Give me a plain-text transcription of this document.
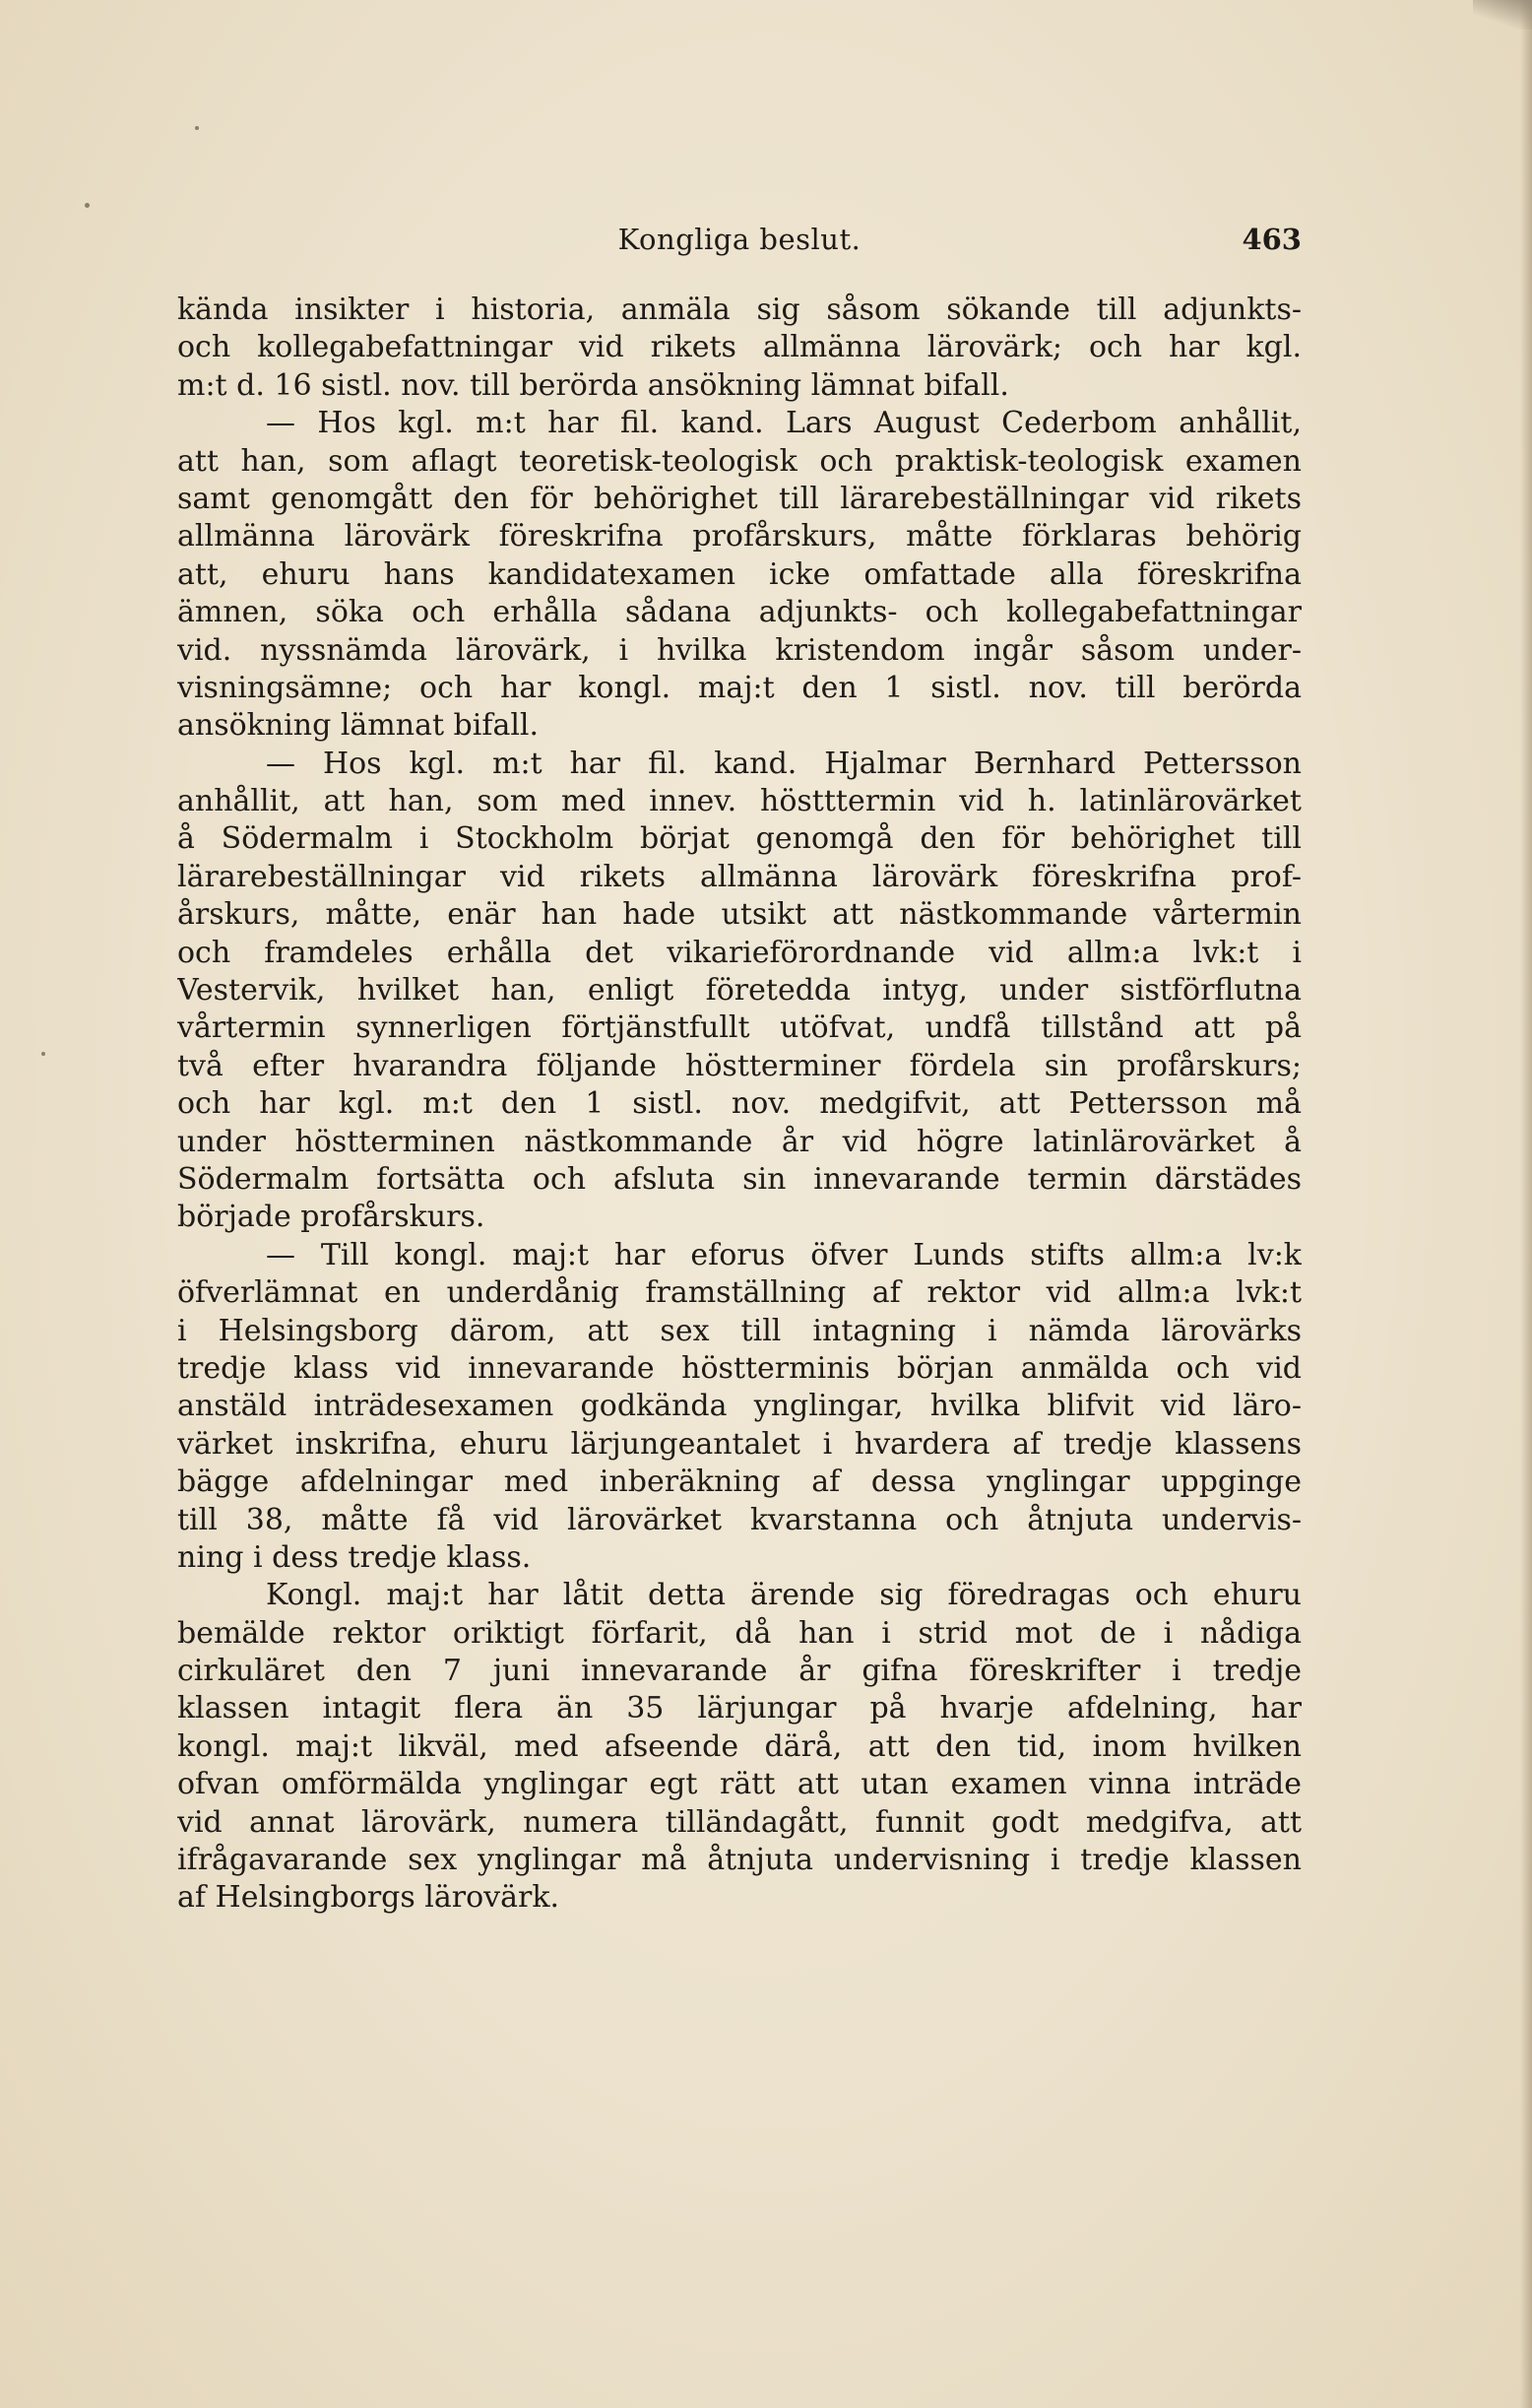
Kongliga beslut.	463
kända insikter i historia, anmäla sig såsom sökande till adjunkts-
och kollegabefattningar vid rikets allmänna lärovärk; och har kgl.
m:t d. 16 sistl. nov. till berörda ansökning lämnat bifall.
— Hos kgl. m:t har fil. kand. Lars August Cederbom anhållit,
att han, som aflagt teoretisk-teologisk och praktisk-teologisk examen
samt genomgått den för behörighet till lärarebeställningar vid rikets
allmänna lärovärk föreskrifna profårskurs, måtte förklaras behörig
att, ehuru hans kandidatexamen icke omfattade alla föreskrifna
ämnen, söka och erhålla sådana adjunkts- och kollegabefattningar
vid. nyssnämda lärovärk, i hvilka kristendom ingår såsom under-
visningsämne; och har kongl. maj:t den 1 sistl. nov. till berörda
ansökning lämnat bifall.
— Hos kgl. m:t har fil. kand. Hjalmar Bernhard Pettersson
anhållit, att han, som med innev. höstttermin vid h. latinlärovärket
å Södermalm i Stockholm börjat genomgå den för behörighet till
lärarebeställningar vid rikets allmänna lärovärk föreskrifna prof-
årskurs, måtte, enär han hade utsikt att nästkommande vårtermin
och framdeles erhålla det vikarieförordnande vid allm:a lvk:t i
Vestervik, hvilket han, enligt företedda intyg, under sistförflutna
vårtermin synnerligen förtjänstfullt utöfvat, undfå tillstånd att på
två efter hvarandra följande höstterminer fördela sin profårskurs;
och har kgl. m:t den 1 sistl. nov. medgifvit, att Pettersson må
under höstterminen nästkommande år vid högre latinlärovärket å
Södermalm fortsätta och afsluta sin innevarande termin därstädes
började profårskurs.
— Till kongl. maj:t har eforus öfver Lunds stifts allm:a lv:k
öfverlämnat en underdånig framställning af rektor vid allm:a lvk:t
i Helsingsborg därom, att sex till intagning i nämda lärovärks
tredje klass vid innevarande höstterminis början anmälda och vid
anstäld inträdesexamen godkända ynglingar, hvilka blifvit vid läro-
värket inskrifna, ehuru lärjungeantalet i hvardera af tredje klassens
bägge afdelningar med inberäkning af dessa ynglingar uppginge
till 38, måtte få vid lärovärket kvarstanna och åtnjuta undervis-
ning i dess tredje klass.
Kongl. maj:t har låtit detta ärende sig föredragas och ehuru
bemälde rektor oriktigt förfarit, då han i strid mot de i nådiga
cirkuläret den 7 juni innevarande år gifna föreskrifter i tredje
klassen intagit flera än 35 lärjungar på hvarje afdelning, har
kongl. maj:t likväl, med afseende därå, att den tid, inom hvilken
ofvan omförmälda ynglingar egt rätt att utan examen vinna inträde
vid annat lärovärk, numera tilländagått, funnit godt medgifva, att
ifrågavarande sex ynglingar må åtnjuta undervisning i tredje klassen
af Helsingborgs lärovärk.
